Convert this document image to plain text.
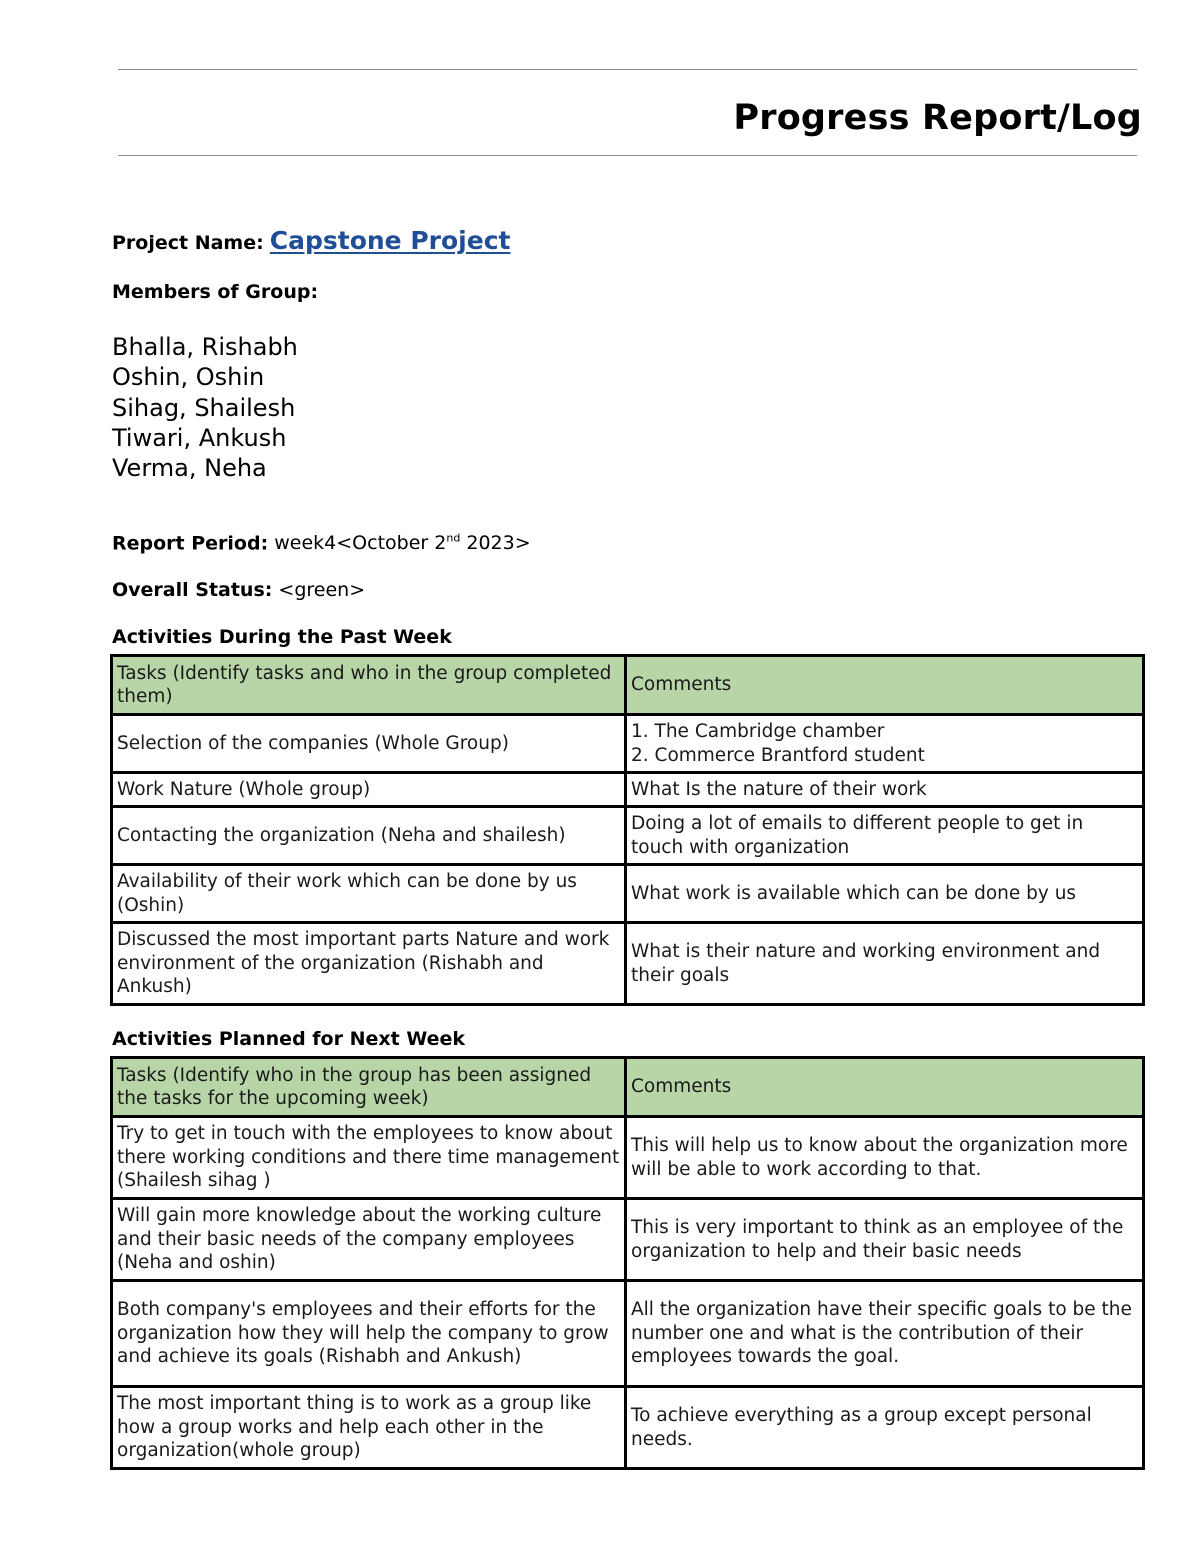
Progress Report/Log
Project Name: Capstone Project
Members of Group:
Bhalla, Rishabh
Oshin, Oshin
Sihag, Shailesh
Tiwari, Ankush
Verma, Neha
Report Period: week4<October 2nd 2023>
Overall Status: <green>
Activities During the Past Week
Tasks (Identify tasks and who in the group completed them)	Comments
Selection of the companies (Whole Group)	1. The Cambridge chamber
2. Commerce Brantford student

Work Nature (Whole group)	What Is the nature of their work
Contacting the organization (Neha and shailesh)	Doing a lot of emails to different people to get in touch with organization
Availability of their work which can be done by us (Oshin)	What work is available which can be done by us
Discussed the most important parts Nature and work environment of the organization (Rishabh and Ankush)	What is their nature and working environment and their goals
Activities Planned for Next Week
Tasks (Identify who in the group has been assigned the tasks for the upcoming week)	Comments
Try to get in touch with the employees to know about there working conditions and there time management (Shailesh sihag )	This will help us to know about the organization more will be able to work according to that.
Will gain more knowledge about the working culture and their basic needs of the company employees (Neha and oshin)	This is very important to think as an employee of the organization to help and their basic needs
Both company's employees and their efforts for the organization how they will help the company to grow and achieve its goals (Rishabh and Ankush)	All the organization have their specific goals to be the number one and what is the contribution of their employees towards the goal.
The most important thing is to work as a group like how a group works and help each other in the organization(whole group)	To achieve everything as a group except personal needs.
